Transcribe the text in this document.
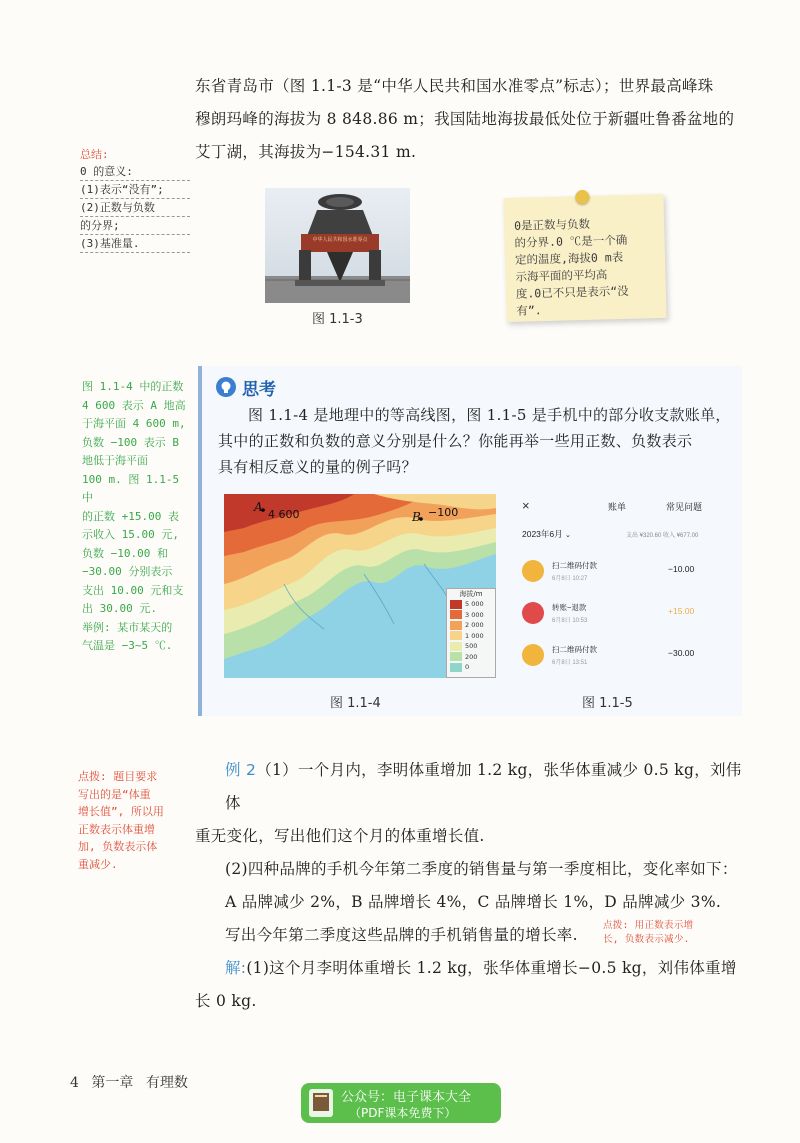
东省青岛市（图 1.1-3 是“中华人民共和国水准零点”标志）；世界最高峰珠
穆朗玛峰的海拔为 8 848.86 m；我国陆地海拔最低处位于新疆吐鲁番盆地的
艾丁湖，其海拔为−154.31 m.
总结:
0 的意义:
(1)表示“没有”;
(2)正数与负数
的分界;
(3)基准量.	中华人民共和国水准零点
图 1.1-3
0是正数与负数
的分界.0 ℃是一个确
定的温度,海拔0 m表
示海平面的平均高
度.0已不只是表示“没
有”.
图 1.1-4 中的正数
4 600 表示 A 地高
于海平面 4 600 m,
负数 −100 表示 B
地低于海平面
100 m. 图 1.1-5 中
的正数 +15.00 表
示收入 15.00 元,
负数 −10.00 和
−30.00 分别表示
支出 10.00 元和支
出 30.00 元.
举例: 某市某天的
气温是 −3~5 ℃.
思考
图 1.1-4 是地理中的等高线图，图 1.1-5 是手机中的部分收支款账单，
其中的正数和负数的意义分别是什么？你能再举一些用正数、负数表示
具有相反意义的量的例子吗？
A
4 600	B −100
海拔/m
5 000
3 000
2 000
1 000
500
200
0
图 1.1-4
×	账单	常见问题
2023年6月 ⌄	支出 ¥320.60 收入 ¥677.00
扫二维码付款
6月8日 10:27
−10.00
转账−退款
6月8日 10:53
+15.00
扫二维码付款
6月8日 13:51
−30.00
图 1.1-5
点拨: 题目要求
写出的是“体重
增长值”, 所以用
正数表示体重增
加, 负数表示体
重减少.
例 2（1）一个月内，李明体重增加 1.2 kg，张华体重减少 0.5 kg，刘伟体
重无变化，写出他们这个月的体重增长值.
(2)四种品牌的手机今年第二季度的销售量与第一季度相比，变化率如下：
A 品牌减少 2%，B 品牌增长 4%，C 品牌增长 1%，D 品牌减少 3%.
写出今年第二季度这些品牌的手机销售量的增长率.
点拨: 用正数表示增
长, 负数表示减少.
解:(1)这个月李明体重增长 1.2 kg，张华体重增长−0.5 kg，刘伟体重增
长 0 kg.
4 第一章 有理数
公众号：电子课本大全
（PDF课本免费下）
